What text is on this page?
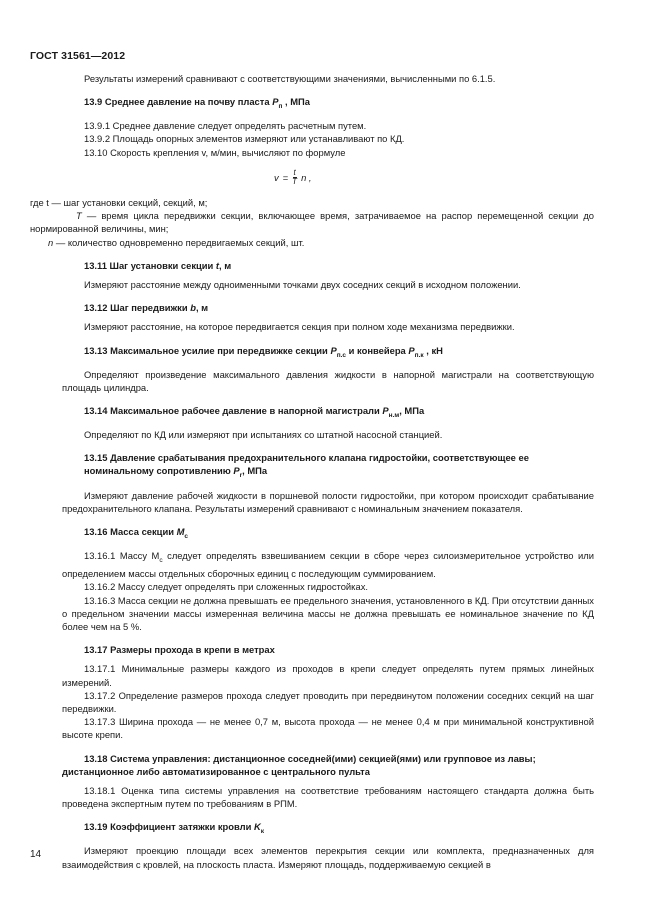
ГОСТ 31561—2012

Результаты измерений сравнивают с соответствующими значениями, вычисленными по 6.1.5.

13.9 Среднее давление на почву пласта $P_п$ , МПа

13.9.1 Среднее давление следует определять расчетным путем.

13.9.2 Площадь опорных элементов измеряют или устанавливают по КД.

13.10 Скорость крепления v, м/мин, вычисляют по формуле

$v = \frac{t}{T}$ n ,

где t — шаг установки секций, секций, м;

T — время цикла передвижки секции, включающее время, затрачиваемое на распор перемещенной секции до нормированной величины, мин;

n — количество одновременно передвигаемых секций, шт.

13.11 Шаг установки секции t, м

Измеряют расстояние между одноименными точками двух соседних секций в исходном положении.

13.12 Шаг передвижки b, м

Измеряют расстояние, на которое передвигается секция при полном ходе механизма передвижки.

13.13 Максимальное усилие при передвижке секции $P_{п.с}$ и конвейера $P_{п.к}$ , кН

Определяют произведение максимального давления жидкости в напорной магистрали на соответствующую площадь цилиндра.

13.14 Максимальное рабочее давление в напорной магистрали $P_{н.м}$, МПа

Определяют по КД или измеряют при испытаниях со штатной насосной станцией.

13.15 Давление срабатывания предохранительного клапана гидростойки, соответствующее ее номинальному сопротивлению $P_r$, МПа

Измеряют давление рабочей жидкости в поршневой полости гидростойки, при котором происходит срабатывание предохранительного клапана. Результаты измерений сравнивают с номинальным значением показателя.

13.16 Масса секции $M_с$

13.16.1 Массу $M_с$ следует определять взвешиванием секции в сборе через силоизмерительное устройство или определением массы отдельных сборочных единиц с последующим суммированием.

13.16.2 Массу следует определять при сложенных гидростойках.

13.16.3 Масса секции не должна превышать ее предельного значения, установленного в КД. При отсутствии данных о предельном значении массы измеренная величина массы не должна превышать ее номинальное значение по КД более чем на 5 %.

13.17 Размеры прохода в крепи в метрах

13.17.1 Минимальные размеры каждого из проходов в крепи следует определять путем прямых линейных измерений.

13.17.2 Определение размеров прохода следует проводить при передвинутом положении соседних секций на шаг передвижки.

13.17.3 Ширина прохода — не менее 0,7 м, высота прохода — не менее 0,4 м при минимальной конструктивной высоте крепи.

13.18 Система управления: дистанционное соседней(ими) секцией(ями) или групповое из лавы; дистанционное либо автоматизированное с центрального пульта

13.18.1 Оценка типа системы управления на соответствие требованиям настоящего стандарта должна быть проведена экспертным путем по требованиям в РПМ.

13.19 Коэффициент затяжки кровли $K_к$

Измеряют проекцию площади всех элементов перекрытия секции или комплекта, предназначенных для взаимодействия с кровлей, на плоскость пласта. Измеряют площадь, поддерживаемую секцией в

14
